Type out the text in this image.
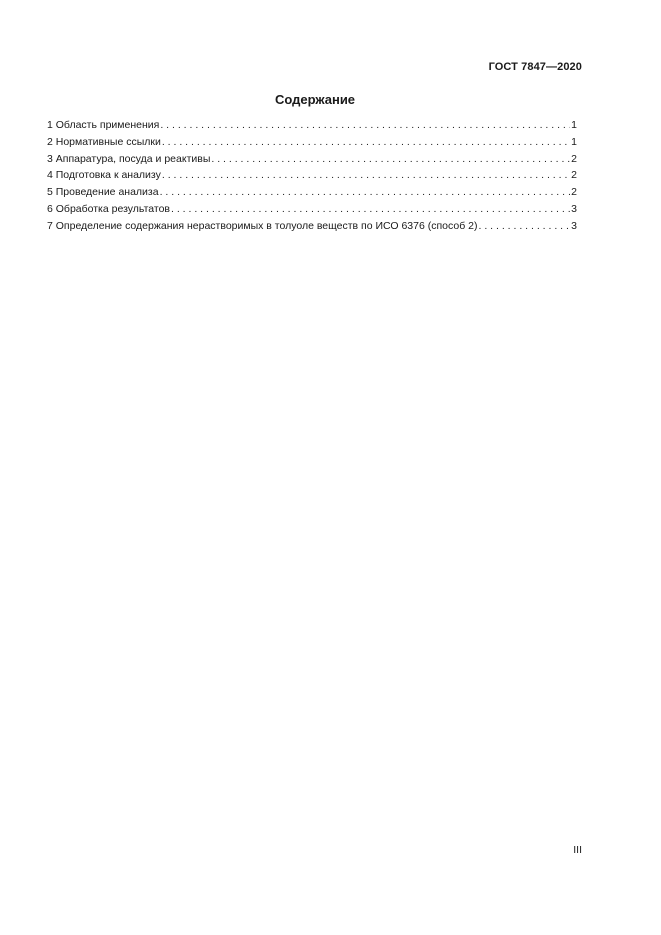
ГОСТ 7847—2020
Содержание
1 Область применения . . .	1
2 Нормативные ссылки . . .	1
3 Аппаратура, посуда и реактивы . . .	2
4 Подготовка к анализу . . .	2
5 Проведение анализа . . .	2
6 Обработка результатов . . .	3
7 Определение содержания нерастворимых в толуоле веществ по ИСО 6376 (способ 2) . . .	3
III
